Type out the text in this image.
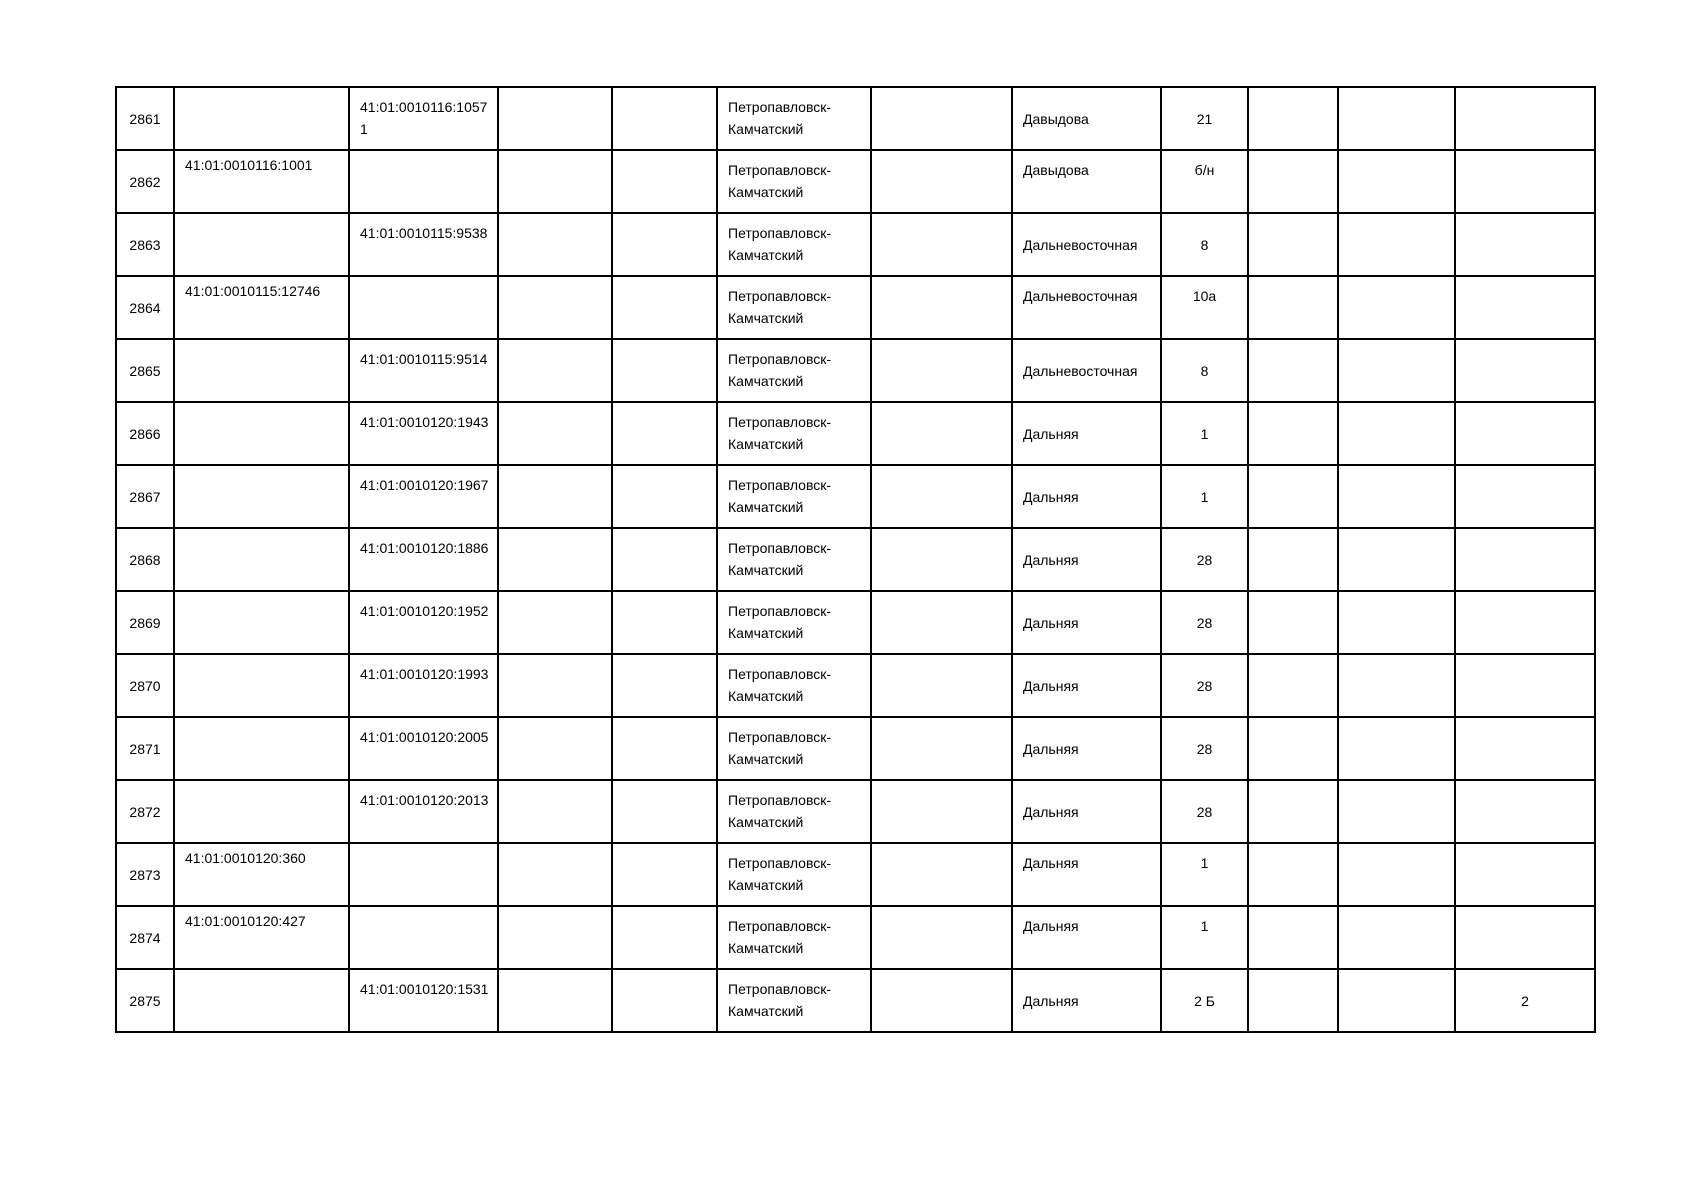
2861		41:01:0010116:10571			Петропавловск-Камчатский		Давыдова	21			
2862	41:01:0010116:1001				Петропавловск-Камчатский		Давыдова	б/н			
2863		41:01:0010115:9538			Петропавловск-Камчатский		Дальневосточная	8			
2864	41:01:0010115:12746				Петропавловск-Камчатский		Дальневосточная	10а			
2865		41:01:0010115:9514			Петропавловск-Камчатский		Дальневосточная	8			
2866		41:01:0010120:1943			Петропавловск-Камчатский		Дальняя	1			
2867		41:01:0010120:1967			Петропавловск-Камчатский		Дальняя	1			
2868		41:01:0010120:1886			Петропавловск-Камчатский		Дальняя	28			
2869		41:01:0010120:1952			Петропавловск-Камчатский		Дальняя	28			
2870		41:01:0010120:1993			Петропавловск-Камчатский		Дальняя	28			
2871		41:01:0010120:2005			Петропавловск-Камчатский		Дальняя	28			
2872		41:01:0010120:2013			Петропавловск-Камчатский		Дальняя	28			
2873	41:01:0010120:360				Петропавловск-Камчатский		Дальняя	1			
2874	41:01:0010120:427				Петропавловск-Камчатский		Дальняя	1			
2875		41:01:0010120:1531			Петропавловск-Камчатский		Дальняя	2 Б			2
